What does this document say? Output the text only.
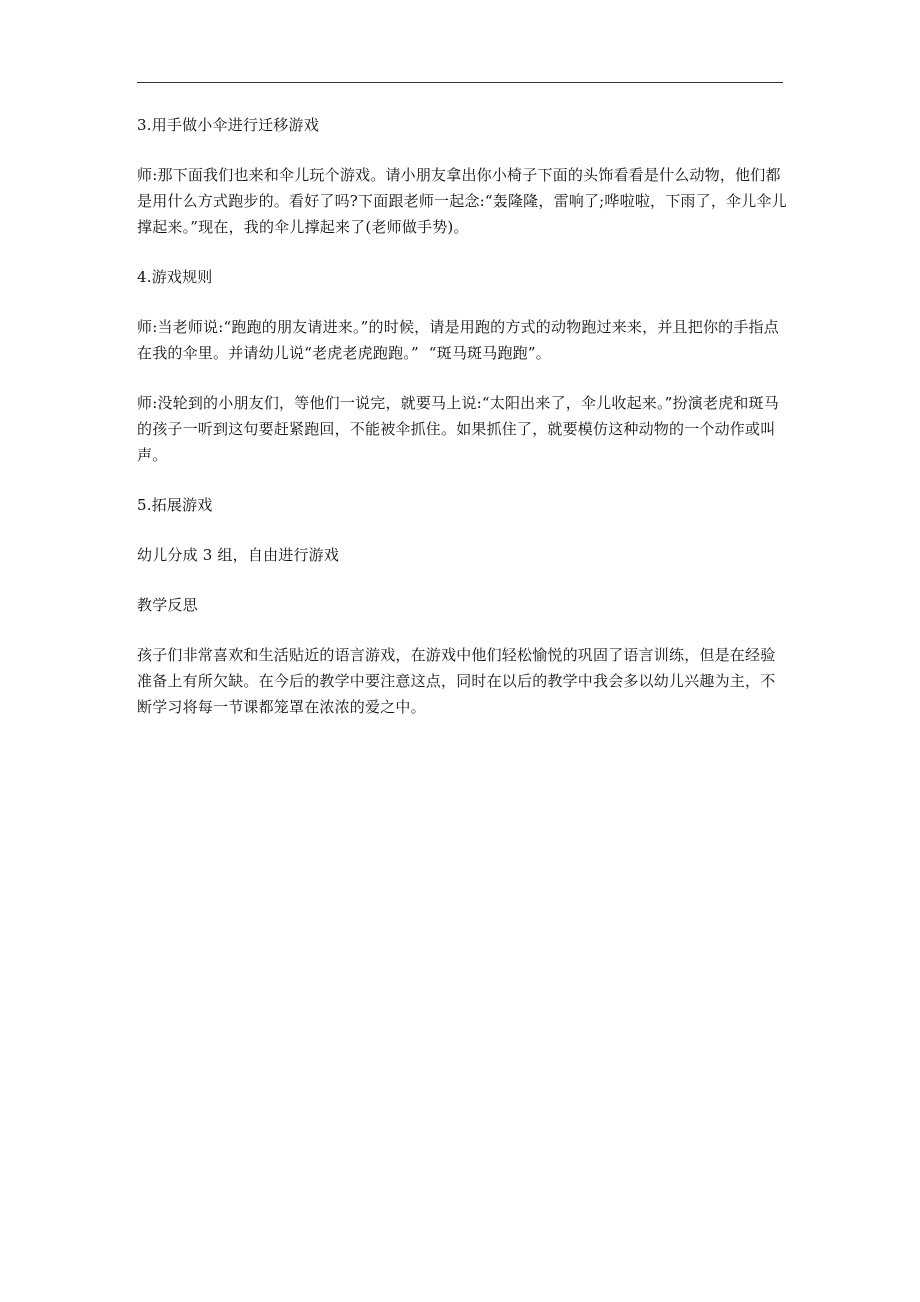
3.用手做小伞进行迁移游戏

师:那下面我们也来和伞儿玩个游戏。请小朋友拿出你小椅子下面的头饰看看是什么动物，他们都是用什么方式跑步的。看好了吗?下面跟老师一起念:“轰隆隆，雷响了;哗啦啦，下雨了，伞儿伞儿撑起来。”现在，我的伞儿撑起来了(老师做手势)。

4.游戏规则

师:当老师说:“跑跑的朋友请进来。”的时候，请是用跑的方式的动物跑过来来，并且把你的手指点在我的伞里。并请幼儿说“老虎老虎跑跑。”  “斑马斑马跑跑”。

师:没轮到的小朋友们，等他们一说完，就要马上说:“太阳出来了，伞儿收起来。”扮演老虎和斑马的孩子一听到这句要赶紧跑回，不能被伞抓住。如果抓住了，就要模仿这种动物的一个动作或叫声。

5.拓展游戏

幼儿分成 3 组，自由进行游戏

教学反思

孩子们非常喜欢和生活贴近的语言游戏，在游戏中他们轻松愉悦的巩固了语言训练，但是在经验准备上有所欠缺。在今后的教学中要注意这点，同时在以后的教学中我会多以幼儿兴趣为主，不断学习将每一节课都笼罩在浓浓的爱之中。
